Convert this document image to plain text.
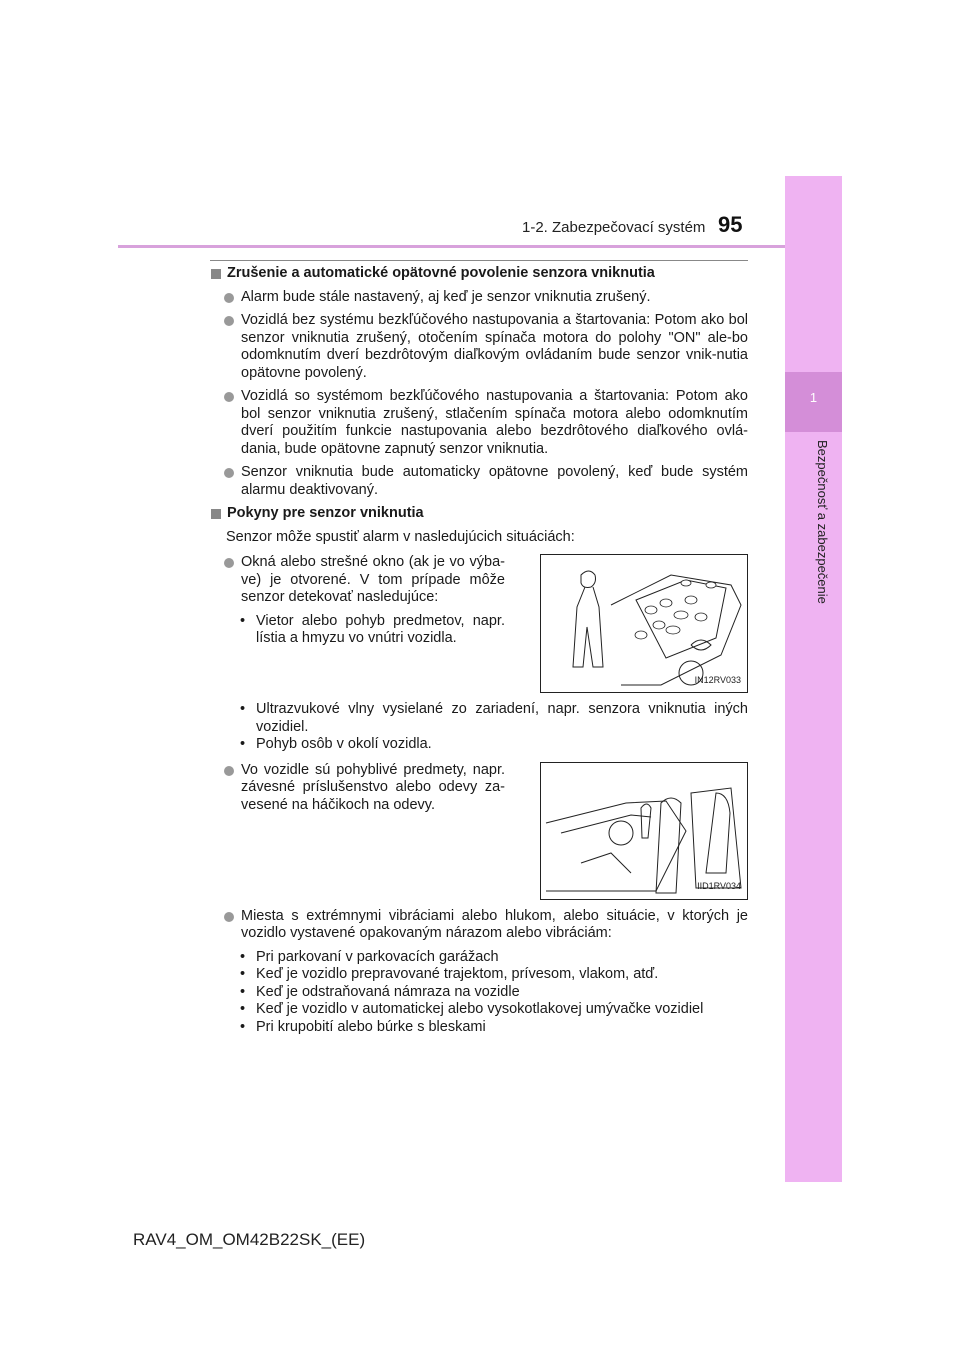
1
Bezpečnosť a zabezpečenie
1-2. Zabezpečovací systém 95
Zrušenie a automatické opätovné povolenie senzora vniknutia
Alarm bude stále nastavený, aj keď je senzor vniknutia zrušený.
Vozidlá bez systému bezkľúčového nastupovania a štartovania: Potom ako bol senzor vniknutia zrušený, otočením spínača motora do polohy "ON" ale-bo odomknutím dverí bezdrôtovým diaľkovým ovládaním bude senzor vnik-nutia opätovne povolený.
Vozidlá so systémom bezkľúčového nastupovania a štartovania: Potom ako bol senzor vniknutia zrušený, stlačením spínača motora alebo odomknutím dverí použitím funkcie nastupovania alebo bezdrôtového diaľkového ovlá-dania, bude opätovne zapnutý senzor vniknutia.
Senzor vniknutia bude automaticky opätovne povolený, keď bude systém alarmu deaktivovaný.
Pokyny pre senzor vniknutia
Senzor môže spustiť alarm v nasledujúcich situáciách:
Okná alebo strešné okno (ak je vo výba-ve) je otvorené. V tom prípade môže senzor detekovať nasledujúce:
• Vietor alebo pohyb predmetov, napr. lístia a hmyzu vo vnútri vozidla.
IN12RV033
• Ultrazvukové vlny vysielané zo zariadení, napr. senzora vniknutia iných vozidiel.
• Pohyb osôb v okolí vozidla.
Vo vozidle sú pohyblivé predmety, napr. závesné príslušenstvo alebo odevy za-vesené na háčikoch na odevy.
IID1RV034
Miesta s extrémnymi vibráciami alebo hlukom, alebo situácie, v ktorých je vozidlo vystavené opakovaným nárazom alebo vibráciám:
• Pri parkovaní v parkovacích garážach
• Keď je vozidlo prepravované trajektom, prívesom, vlakom, atď.
• Keď je odstraňovaná námraza na vozidle
• Keď je vozidlo v automatickej alebo vysokotlakovej umývačke vozidiel
• Pri krupobití alebo búrke s bleskami
RAV4_OM_OM42B22SK_(EE)
